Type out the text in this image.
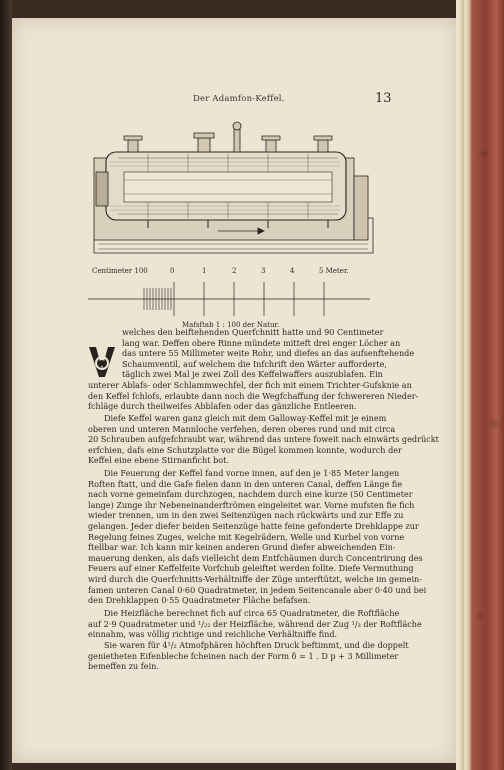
Der Adamfon-Keffel.	13
Centimeter 100	0	1	2	3	4	5 Meter.
Mafsftab 1 : 100 der Natur.
welches den beiftehenden Querfchnitt hatte und 90 Centimeter
lang war. Deffen obere Rinne mündete mitteft drei enger Löcher an
das untere 55 Millimeter weite Rohr, und diefes an das aufsenftehende
Schaumventil, auf welchem die Infchrift den Wärter aufforderte,
täglich zwei Mal je zwei Zoll des Keffelwaffers auszublafen. Ein
unterer Ablafs- oder Schlammwechfel, der fich mit einem Trichter-Gufsknie an
den Keffel fchlofs, erlaubte dann noch die Wegfchaffung der fchwereren Nieder-
fchläge durch theilweifes Abblafen oder das gänzliche Entleeren.
Diefe Keffel waren ganz gleich mit dem Galloway-Keffel mit je einem
oberen und unteren Mannloche verfehen, deren oberes rund und mit circa
20 Schrauben aufgefchraubt war, während das untere foweit nach einwärts gedrückt
erfchien, dafs eine Schutzplatte vor die Bügel kommen konnte, wodurch der
Keffel eine ebene Stirnanficht bot.
Die Feuerung der Keffel fand vorne innen, auf den je 1·85 Meter langen
Roften ftatt, und die Gafe fielen dann in den unteren Canal, deffen Länge fie
nach vorne gemeinfam durchzogen, nachdem durch eine kurze (50 Centimeter
lange) Zunge ihr Nebeneinanderftrömen eingeleitet war. Vorne mufsten fie fich
wieder trennen, um in den zwei Seitenzügen nach rückwärts und zur Effe zu
gelangen. Jeder diefer beiden Seitenzüge hatte feine gefonderte Drehklappe zur
Regelung feines Zuges, welche mit Kegelrädern, Welle und Kurbel von vorne
ftellbar war. Ich kann mir keinen anderen Grund diefer abweichenden Ein-
mauerung denken, als dafs vielleicht dem Entfchäumen durch Concentrirung des
Feuers auf einer Keffelfeite Vorfchub geleiftet werden follte. Diefe Vermuthung
wird durch die Querfchnitts-Verhältniffe der Züge unterftützt, welche im gemein-
famen unteren Canal 0·60 Quadratmeter, in jedem Seitencanale aber 0·40 und bei
den Drehklappen 0·55 Quadratmeter Fläche befafsen.
Die Heizfläche berechnet fich auf circa 65 Quadratmeter, die Roftfläche
auf 2·9 Quadratmeter und ¹/₂₂ der Heizfläche, während der Zug ¹/₃ der Roftfläche
einnahm, was völlig richtige und reichliche Verhältniffe find.
Sie waren für 4¹/₂ Atmofphären höchften Druck beftimmt, und die doppelt
genietheten Eifenbleche fcheinen nach der Form δ = 1 . D p + 3 Millimeter
bemeffen zu fein.
